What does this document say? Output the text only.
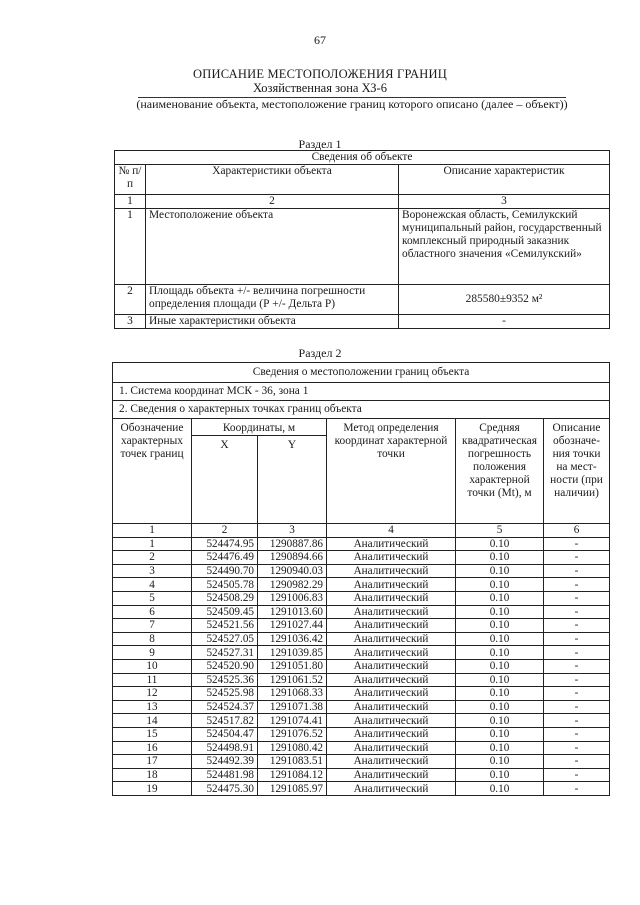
67
ОПИСАНИЕ МЕСТОПОЛОЖЕНИЯ ГРАНИЦ
Хозяйственная зона ХЗ-6
(наименование объекта, местоположение границ которого описано (далее – объект))
Раздел 1
Сведения об объекте		
№ п/п	Характеристики объекта	Описание характеристик
1	2	3
1	Местоположение объекта	Воронежская область, Семилукский муниципальный район, государственный комплексный природный заказник областного значения «Семилукский»
2	Площадь объекта +/- величина погрешности определения площади (Р +/- Дельта Р)	285580±9352 м²
3	Иные характеристики объекта	-
Раздел 2
Сведения о местоположении границ объекта					
1. Система координат МСК - 36, зона 1					
2. Сведения о характерных точках границ объекта					
Обозначение характерных точек границ	Координаты, м		Метод определения координат характерной точки	Средняя квадратическая погрешность положения характерной точки (Mt), м	Описание обозначе-ния точки на мест-ности (при наличии)
	X	Y			
1	2	3	4	5	6
1	524474.95	1290887.86	Аналитический	0.10	-
2	524476.49	1290894.66	Аналитический	0.10	-
3	524490.70	1290940.03	Аналитический	0.10	-
4	524505.78	1290982.29	Аналитический	0.10	-
5	524508.29	1291006.83	Аналитический	0.10	-
6	524509.45	1291013.60	Аналитический	0.10	-
7	524521.56	1291027.44	Аналитический	0.10	-
8	524527.05	1291036.42	Аналитический	0.10	-
9	524527.31	1291039.85	Аналитический	0.10	-
10	524520.90	1291051.80	Аналитический	0.10	-
11	524525.36	1291061.52	Аналитический	0.10	-
12	524525.98	1291068.33	Аналитический	0.10	-
13	524524.37	1291071.38	Аналитический	0.10	-
14	524517.82	1291074.41	Аналитический	0.10	-
15	524504.47	1291076.52	Аналитический	0.10	-
16	524498.91	1291080.42	Аналитический	0.10	-
17	524492.39	1291083.51	Аналитический	0.10	-
18	524481.98	1291084.12	Аналитический	0.10	-
19	524475.30	1291085.97	Аналитический	0.10	-
